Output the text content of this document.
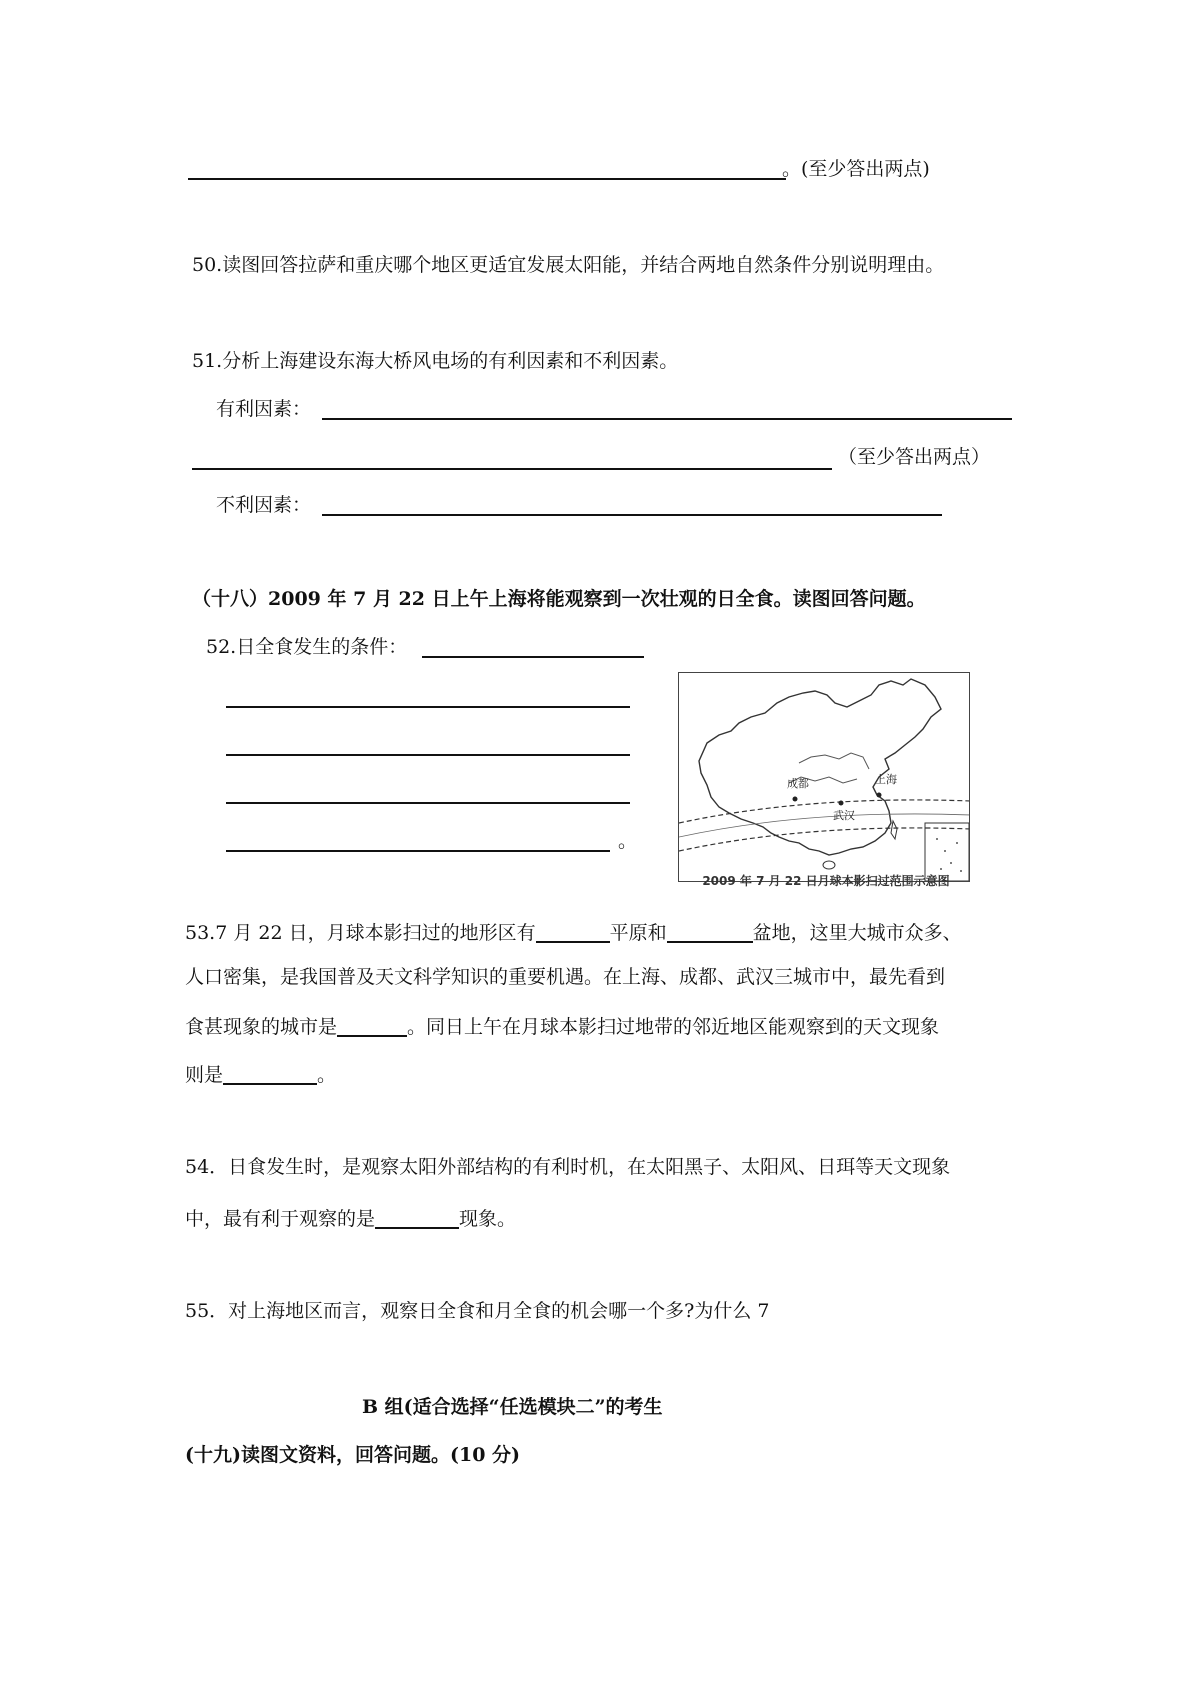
。(至少答出两点)
50.读图回答拉萨和重庆哪个地区更适宜发展太阳能，并结合两地自然条件分别说明理由。
51.分析上海建设东海大桥风电场的有利因素和不利因素。
有利因素：
（至少答出两点）
不利因素：
（十八）2009 年 7 月 22 日上午上海将能观察到一次壮观的日全食。读图回答问题。
52.日全食发生的条件：
。
成都	上海
武汉
2009 年 7 月 22 日月球本影扫过范围示意图
53.7 月 22 日，月球本影扫过的地形区有	平原和	盆地，这里大城市众多、
人口密集，是我国普及天文科学知识的重要机遇。在上海、成都、武汉三城市中，最先看到
食甚现象的城市是	。同日上午在月球本影扫过地带的邻近地区能观察到的天文现象
则是	。
54．日食发生时，是观察太阳外部结构的有利时机，在太阳黑子、太阳风、日珥等天文现象
中，最有利于观察的是	现象。
55．对上海地区而言，观察日全食和月全食的机会哪一个多?为什么 7
B 组(适合选择“任选模块二”的考生
(十九)读图文资料，回答问题。(10 分)
